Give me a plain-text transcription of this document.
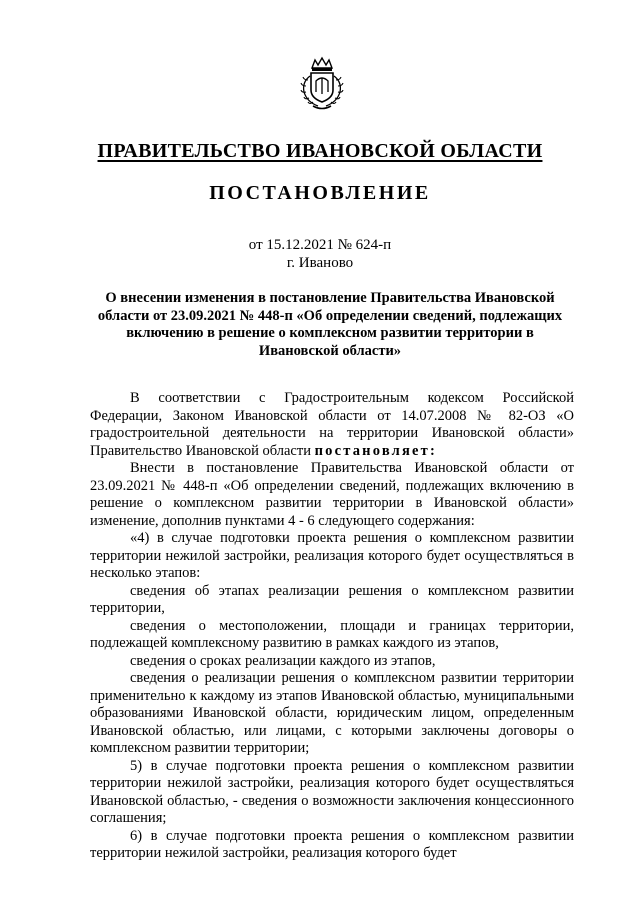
ПРАВИТЕЛЬСТВО ИВАНОВСКОЙ ОБЛАСТИ
ПОСТАНОВЛЕНИЕ
от 15.12.2021 № 624-п
г. Иваново
О внесении изменения в постановление Правительства Ивановской области от 23.09.2021 № 448-п «Об определении сведений, подлежащих включению в решение о комплексном развитии территории в Ивановской области»

В соответствии с Градостроительным кодексом Российской Федерации, Законом Ивановской области от 14.07.2008 № 82-ОЗ «О градостроительной деятельности на территории Ивановской области» Правительство Ивановской области постановляет:

Внести в постановление Правительства Ивановской области от 23.09.2021 № 448-п «Об определении сведений, подлежащих включению в решение о комплексном развитии территории в Ивановской области» изменение, дополнив пунктами 4 - 6 следующего содержания:

«4) в случае подготовки проекта решения о комплексном развитии территории нежилой застройки, реализация которого будет осуществляться в несколько этапов:

сведения об этапах реализации решения о комплексном развитии территории,

сведения о местоположении, площади и границах территории, подлежащей комплексному развитию в рамках каждого из этапов,

сведения о сроках реализации каждого из этапов,

сведения о реализации решения о комплексном развитии территории применительно к каждому из этапов Ивановской областью, муниципальными образованиями Ивановской области, юридическим лицом, определенным Ивановской областью, или лицами, с которыми заключены договоры о комплексном развитии территории;

5) в случае подготовки проекта решения о комплексном развитии территории нежилой застройки, реализация которого будет осуществляться Ивановской областью, - сведения о возможности заключения концессионного соглашения;

6) в случае подготовки проекта решения о комплексном развитии территории нежилой застройки, реализация которого будет
